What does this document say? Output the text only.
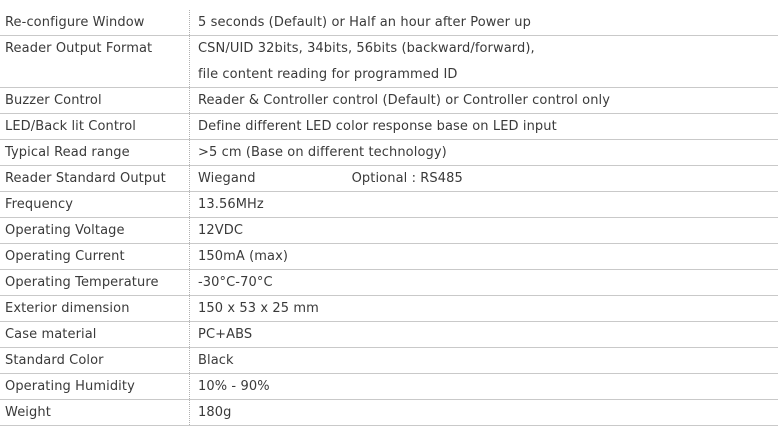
Re-configure Window	5 seconds (Default) or Half an hour after Power up
Reader Output Format	CSN/UID 32bits, 34bits, 56bits (backward/forward),
file content reading for programmed ID
Buzzer Control	Reader & Controller control (Default) or Controller control only
LED/Back lit Control	Define different LED color response base on LED input
Typical Read range	>5 cm (Base on different technology)
Reader Standard Output	Wiegand	Optional : RS485
Frequency	13.56MHz
Operating Voltage	12VDC
Operating Current	150mA (max)
Operating Temperature	-30°C-70°C
Exterior dimension	150 x 53 x 25 mm
Case material	PC+ABS
Standard Color	Black
Operating Humidity	10% - 90%
Weight	180g
